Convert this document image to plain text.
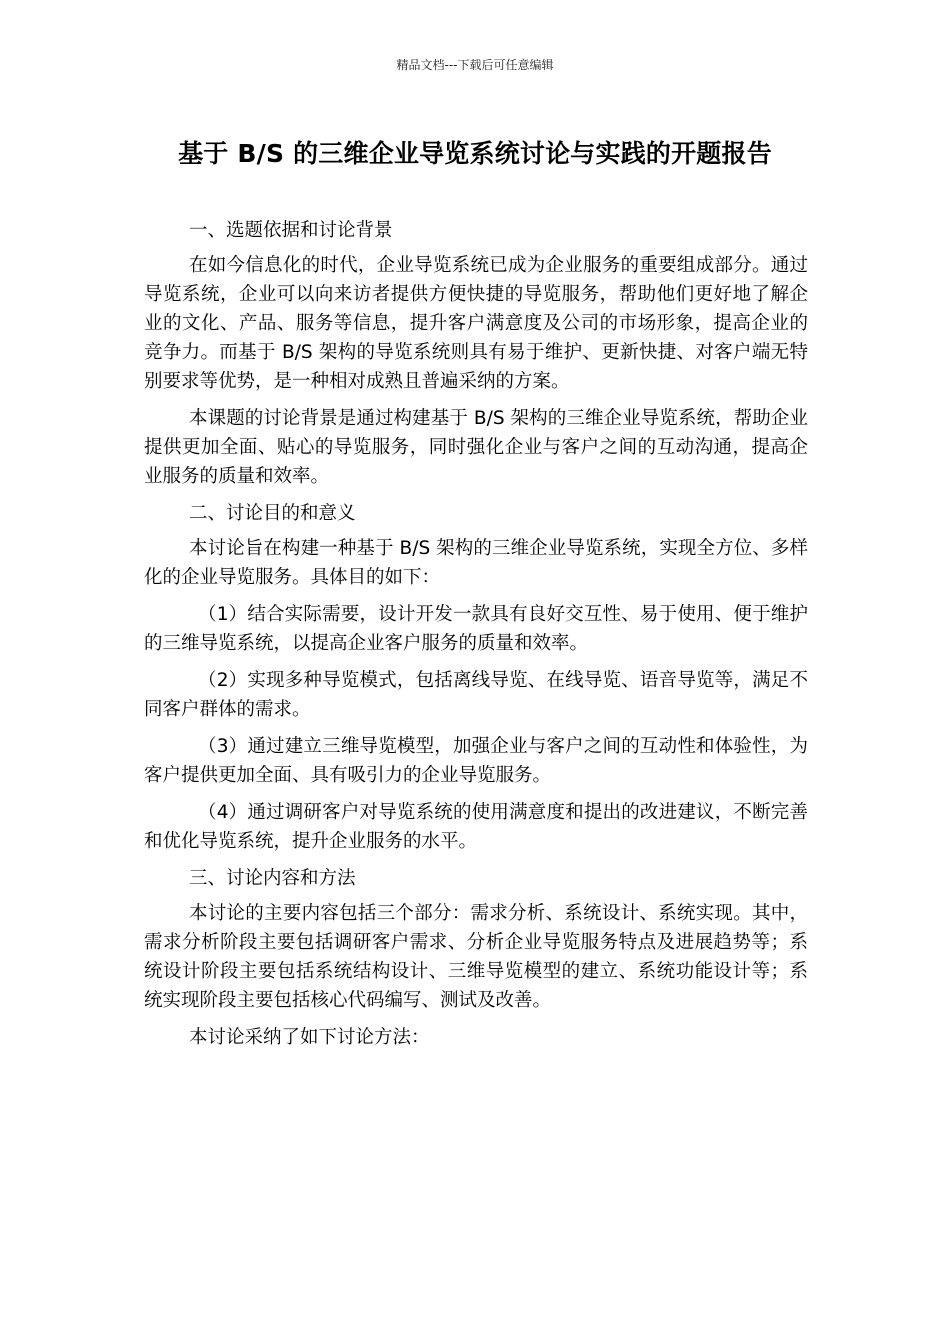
精品文档---下载后可任意编辑
基于 B/S 的三维企业导览系统讨论与实践的开题报告

一、选题依据和讨论背景

在如今信息化的时代，企业导览系统已成为企业服务的重要组成部分。通过导览系统，企业可以向来访者提供方便快捷的导览服务，帮助他们更好地了解企业的文化、产品、服务等信息，提升客户满意度及公司的市场形象，提高企业的竞争力。而基于 B/S 架构的导览系统则具有易于维护、更新快捷、对客户端无特别要求等优势，是一种相对成熟且普遍采纳的方案。

本课题的讨论背景是通过构建基于 B/S 架构的三维企业导览系统，帮助企业提供更加全面、贴心的导览服务，同时强化企业与客户之间的互动沟通，提高企业服务的质量和效率。

二、讨论目的和意义

本讨论旨在构建一种基于 B/S 架构的三维企业导览系统，实现全方位、多样化的企业导览服务。具体目的如下：

（1）结合实际需要，设计开发一款具有良好交互性、易于使用、便于维护的三维导览系统，以提高企业客户服务的质量和效率。

（2）实现多种导览模式，包括离线导览、在线导览、语音导览等，满足不同客户群体的需求。

（3）通过建立三维导览模型，加强企业与客户之间的互动性和体验性，为客户提供更加全面、具有吸引力的企业导览服务。

（4）通过调研客户对导览系统的使用满意度和提出的改进建议，不断完善和优化导览系统，提升企业服务的水平。

三、讨论内容和方法

本讨论的主要内容包括三个部分：需求分析、系统设计、系统实现。其中，需求分析阶段主要包括调研客户需求、分析企业导览服务特点及进展趋势等；系统设计阶段主要包括系统结构设计、三维导览模型的建立、系统功能设计等；系统实现阶段主要包括核心代码编写、测试及改善。

本讨论采纳了如下讨论方法：
